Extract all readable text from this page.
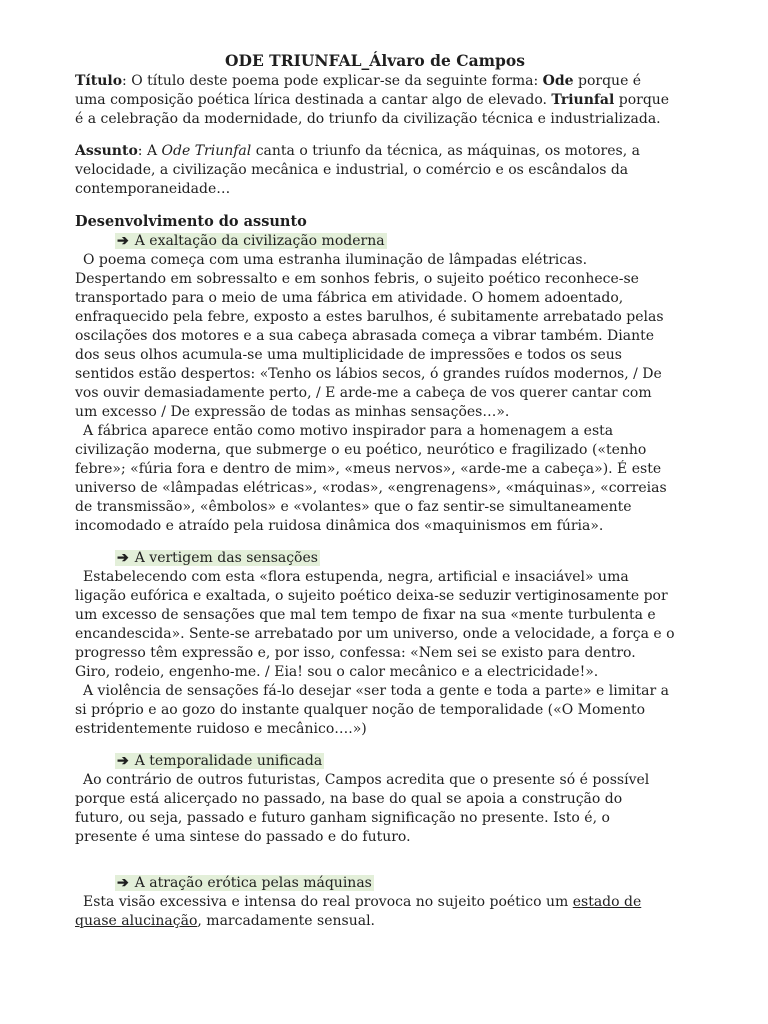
ODE TRIUNFAL_Álvaro de Campos

Título: O título deste poema pode explicar-se da seguinte forma: Ode porque é uma composição poética lírica destinada a cantar algo de elevado. Triunfal porque é a celebração da modernidade, do triunfo da civilização técnica e industrializada.

Assunto: A Ode Triunfal canta o triunfo da técnica, as máquinas, os motores, a velocidade, a civilização mecânica e industrial, o comércio e os escândalos da contemporaneidade…

Desenvolvimento do assunto
➔ A exaltação da civilização moderna

O poema começa com uma estranha iluminação de lâmpadas elétricas. Despertando em sobressalto e em sonhos febris, o sujeito poético reconhece-se transportado para o meio de uma fábrica em atividade. O homem adoentado, enfraquecido pela febre, exposto a estes barulhos, é subitamente arrebatado pelas oscilações dos motores e a sua cabeça abrasada começa a vibrar também. Diante dos seus olhos acumula-se uma multiplicidade de impressões e todos os seus sentidos estão despertos: «Tenho os lábios secos, ó grandes ruídos modernos, / De vos ouvir demasiadamente perto, / E arde-me a cabeça de vos querer cantar com um excesso / De expressão de todas as minhas sensações…».

A fábrica aparece então como motivo inspirador para a homenagem a esta civilização moderna, que submerge o eu poético, neurótico e fragilizado («tenho febre»; «fúria fora e dentro de mim», «meus nervos», «arde-me a cabeça»). É este universo de «lâmpadas elétricas», «rodas», «engrenagens», «máquinas», «correias de transmissão», «êmbolos» e «volantes» que o faz sentir-se simultaneamente incomodado e atraído pela ruidosa dinâmica dos «maquinismos em fúria».

➔ A vertigem das sensações

Estabelecendo com esta «flora estupenda, negra, artificial e insaciável» uma ligação eufórica e exaltada, o sujeito poético deixa-se seduzir vertiginosamente por um excesso de sensações que mal tem tempo de fixar na sua «mente turbulenta e encandescida». Sente-se arrebatado por um universo, onde a velocidade, a força e o progresso têm expressão e, por isso, confessa: «Nem sei se existo para dentro. Giro, rodeio, engenho-me. / Eia! sou o calor mecânico e a electricidade!».

A violência de sensações fá-lo desejar «ser toda a gente e toda a parte» e limitar a si próprio e ao gozo do instante qualquer noção de temporalidade («O Momento estridentemente ruidoso e mecânico….»)

➔ A temporalidade unificada

Ao contrário de outros futuristas, Campos acredita que o presente só é possível porque está alicerçado no passado, na base do qual se apoia a construção do futuro, ou seja, passado e futuro ganham significação no presente. Isto é, o presente é uma sintese do passado e do futuro.

➔ A atração erótica pelas máquinas

Esta visão excessiva e intensa do real provoca no sujeito poético um estado de quase alucinação, marcadamente sensual.
